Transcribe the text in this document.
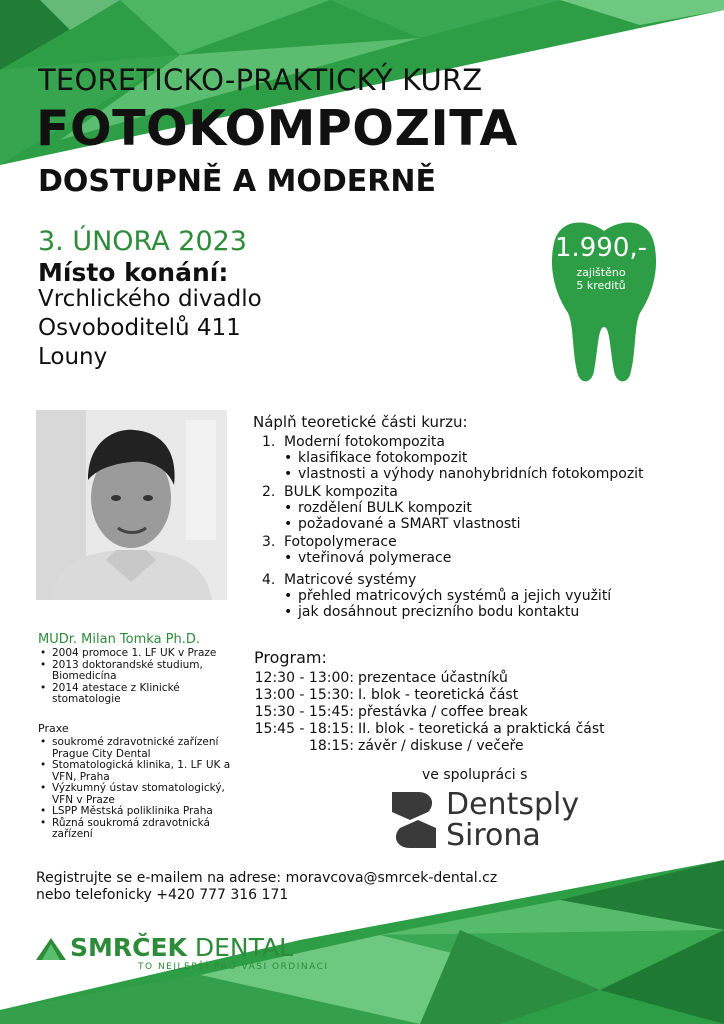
TEORETICKO-PRAKTICKÝ KURZ
FOTOKOMPOZITA
DOSTUPNĚ A MODERNĚ
3. ÚNORA 2023
Místo konání:
Vrchlického divadlo
Osvoboditelů 411
Louny
1.990,-
zajištěno
5 kreditů
Náplň teoretické části kurzu:
1. Moderní fotokompozita
• klasifikace fotokompozit
• vlastnosti a výhody nanohybridních fotokompozit
2. BULK kompozita
• rozdělení BULK kompozit
• požadované a SMART vlastnosti
3. Fotopolymerace
• vteřinová polymerace
4. Matricové systémy
• přehled matricových systémů a jejich využití
• jak dosáhnout precizního bodu kontaktu
MUDr. Milan Tomka Ph.D.
• 2004 promoce 1. LF UK v Praze
• 2013 doktorandské studium, Biomedicína
• 2014 atestace z Klinické stomatologie
Praxe
• soukromé zdravotnické zařízení Prague City Dental
• Stomatologická klinika, 1. LF UK a VFN, Praha
• Výzkumný ústav stomatologický, VFN v Praze
• LSPP Městská poliklinika Praha
• Různá soukromá zdravotnická zařízení
Program:
12:30 - 13:00: prezentace účastníků
13:00 - 15:30: I. blok - teoretická část
15:30 - 15:45: přestávka / coffee break
15:45 - 18:15: II. blok - teoretická a praktická část
18:15: závěr / diskuse / večeře
ve spolupráci s
Dentsply
Sirona
Registrujte se e-mailem na adrese: moravcova@smrcek-dental.cz
nebo telefonicky +420 777 316 171
SMRČEK DENTAL
TO NEJLEPŠÍ PRO VAŠI ORDINACI
